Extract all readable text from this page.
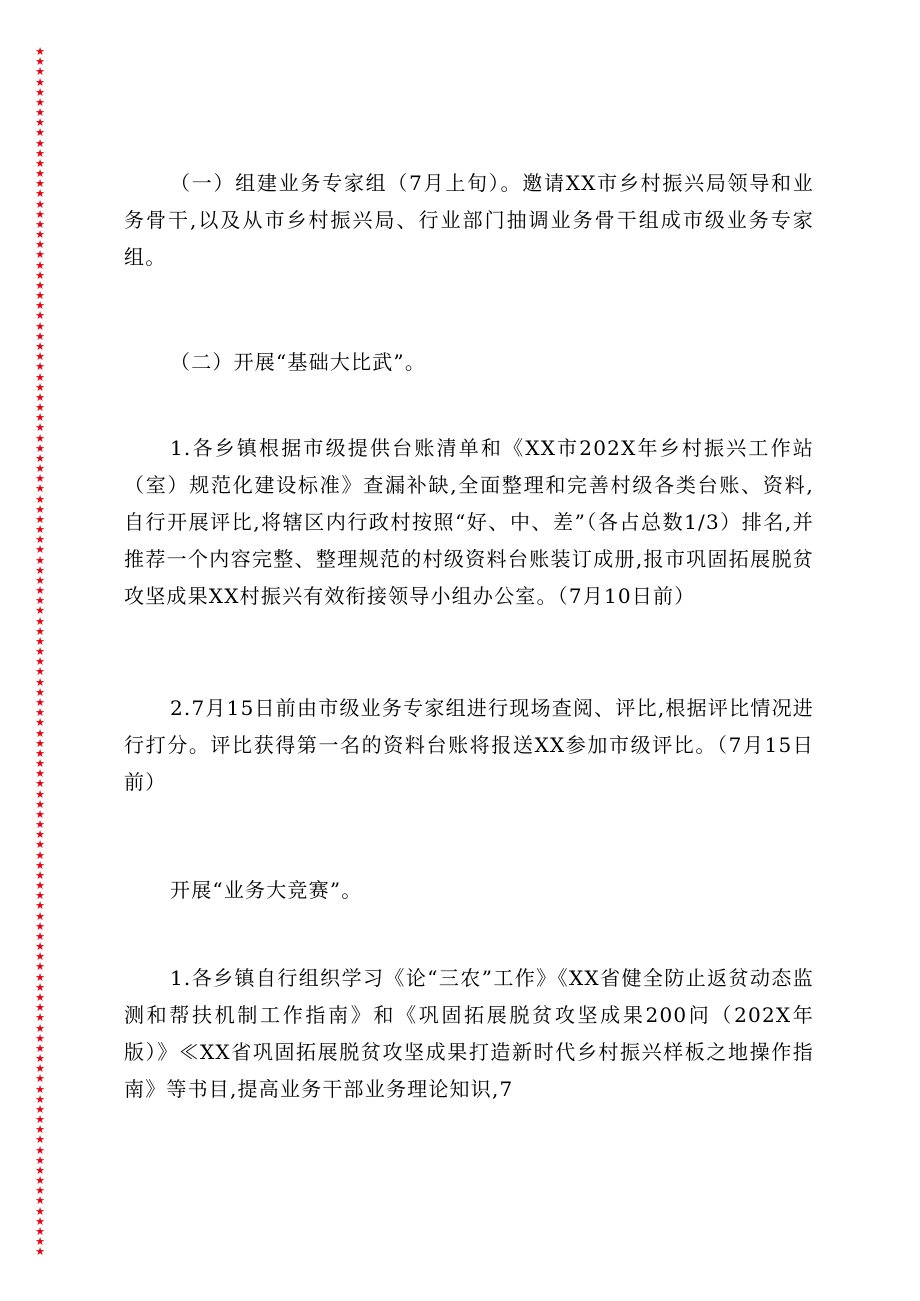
★
★
★
★
★
★
★
★
★
★
★
★
★
★
★
★
★
★
★
★
★
★
★
★
★
★
★
★
★
★
★
★
★
★
★
★
★
★
★
★
★
★
★
★
★
★
★
★
★
★
★
★
★
★
★
★
★
★
★
★
★
★
★
★
★
★
★
★
★
★
★
★
★
★
★
★
★
★
★
★
★
★
★
★
★
★
★
★
★
★
★
★
★
★
★
★
★
★
★
★
★
★
★
★
★
★
★
★
★
★
★
★
★
★
★
★
★
★
★

（一）组建业务专家组（7月上旬）。邀请XX市乡村振兴局领导和业务骨干,以及从市乡村振兴局、行业部门抽调业务骨干组成市级业务专家组。

（二）开展“基础大比武”。

1.各乡镇根据市级提供台账清单和《XX市202X年乡村振兴工作站（室）规范化建设标准》查漏补缺,全面整理和完善村级各类台账、资料,自行开展评比,将辖区内行政村按照“好、中、差”（各占总数1/3）排名,并推荐一个内容完整、整理规范的村级资料台账装订成册,报市巩固拓展脱贫攻坚成果XX村振兴有效衔接领导小组办公室。（7月10日前）

2.7月15日前由市级业务专家组进行现场查阅、评比,根据评比情况进行打分。评比获得第一名的资料台账将报送XX参加市级评比。（7月15日前）

开展“业务大竞赛”。

1.各乡镇自行组织学习《论“三农”工作》《XX省健全防止返贫动态监测和帮扶机制工作指南》和《巩固拓展脱贫攻坚成果200问（202X年版）》≪XX省巩固拓展脱贫攻坚成果打造新时代乡村振兴样板之地操作指南》等书目,提高业务干部业务理论知识,7
